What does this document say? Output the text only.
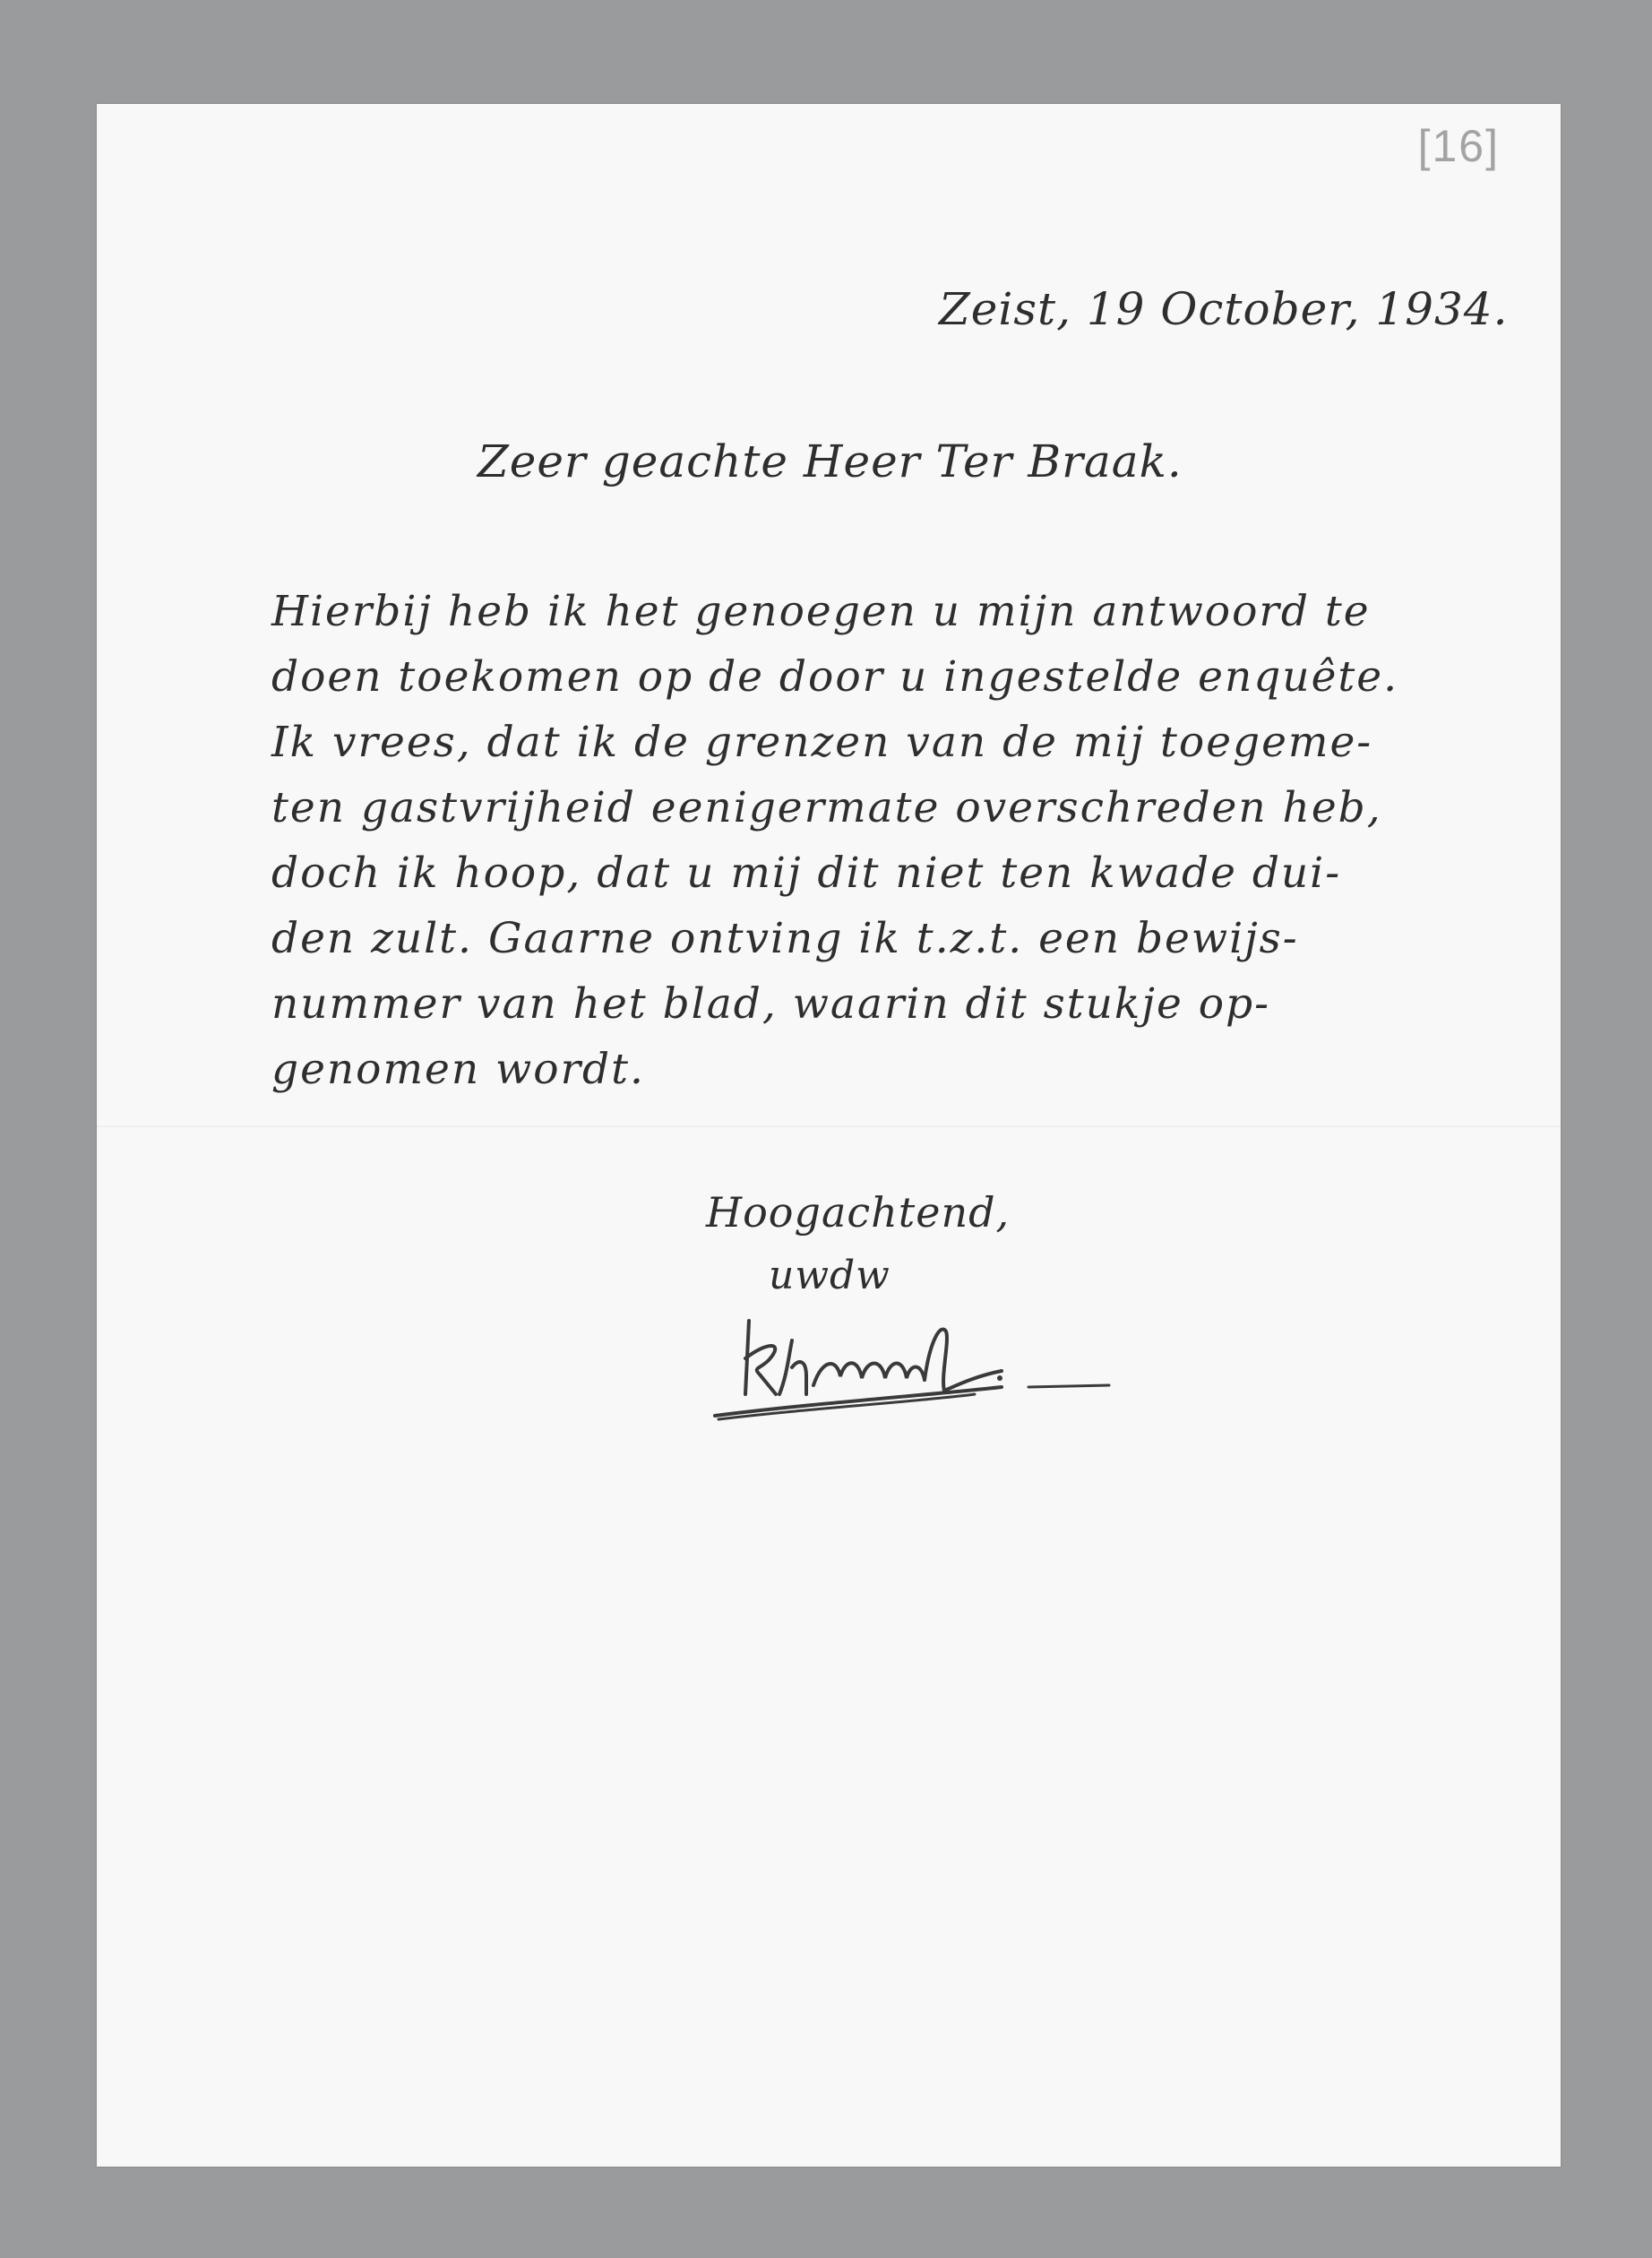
[16]
Zeist, 19 October, 1934.
Zeer geachte Heer Ter Braak.
Hierbij heb ik het genoegen u mijn antwoord te
doen toekomen op de door u ingestelde enquête.
Ik vrees, dat ik de grenzen van de mij toegeme-
ten gastvrijheid eenigermate overschreden heb,
doch ik hoop, dat u mij dit niet ten kwade dui-
den zult. Gaarne ontving ik t.z.t. een bewijs-
nummer van het blad, waarin dit stukje op-
genomen wordt.
Hoogachtend,
uwdw
